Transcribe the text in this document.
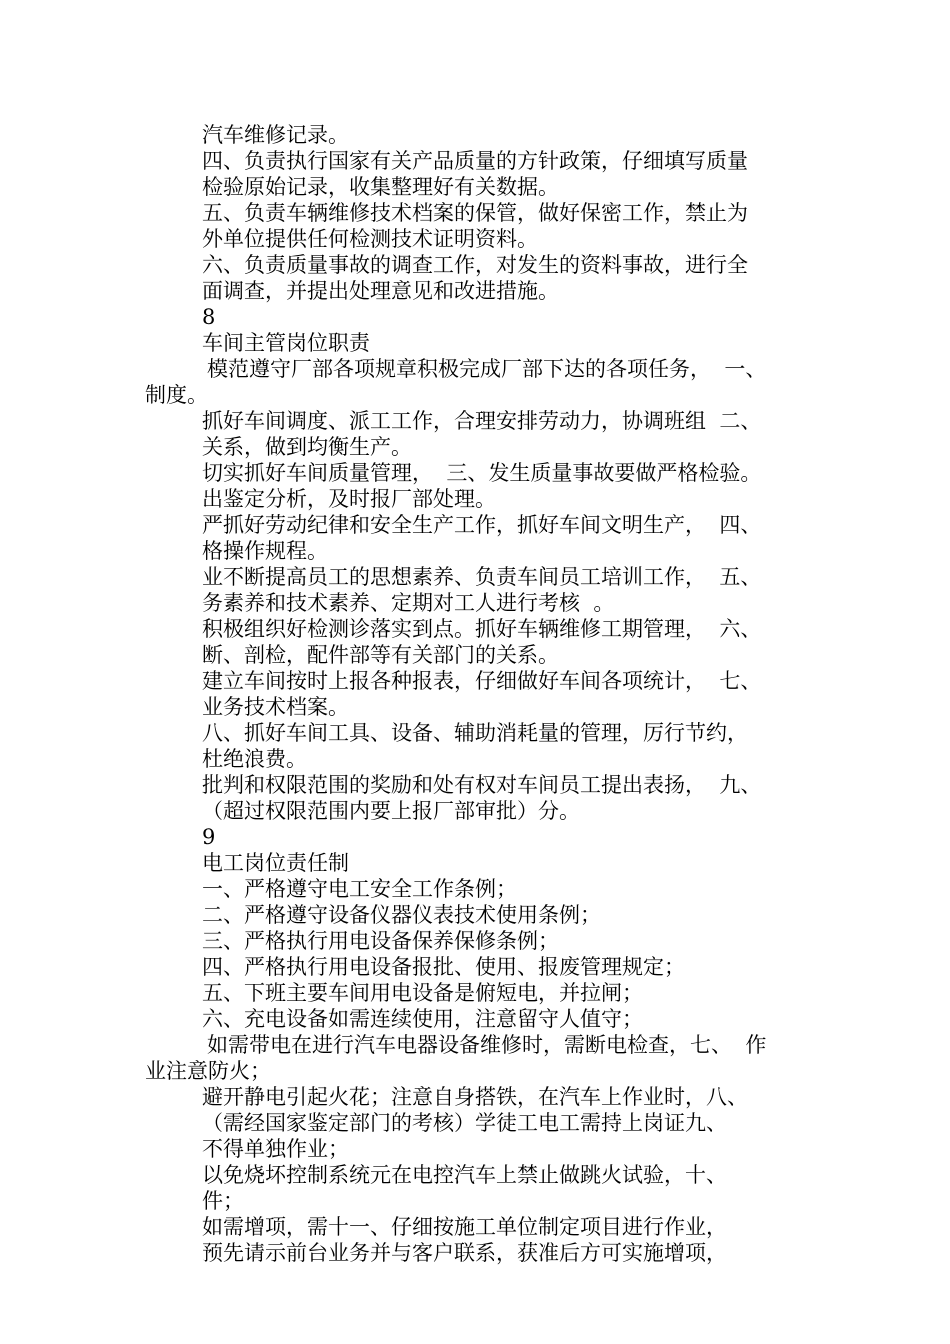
汽车维修记录。
四、负责执行国家有关产品质量的方针政策，仔细填写质量
检验原始记录，收集整理好有关数据。
五、负责车辆维修技术档案的保管，做好保密工作，禁止为
外单位提供任何检测技术证明资料。
六、负责质量事故的调查工作，对发生的资料事故，进行全
面调查，并提出处理意见和改进措施。
8
车间主管岗位职责
模范遵守厂部各项规章积极完成厂部下达的各项任务，  一、
制度。
抓好车间调度、派工工作，合理安排劳动力，协调班组  二、
关系，做到均衡生产。
切实抓好车间质量管理，  三、发生质量事故要做严格检验。
出鉴定分析，及时报厂部处理。
严抓好劳动纪律和安全生产工作，抓好车间文明生产，  四、
格操作规程。
业不断提高员工的思想素养、负责车间员工培训工作，  五、
务素养和技术素养、定期对工人进行考核  。
积极组织好检测诊落实到点。抓好车辆维修工期管理，  六、
断、剖检，配件部等有关部门的关系。
建立车间按时上报各种报表，仔细做好车间各项统计，  七、
业务技术档案。
八、抓好车间工具、设备、辅助消耗量的管理，厉行节约，
杜绝浪费。
批判和权限范围的奖励和处有权对车间员工提出表扬，  九、
（超过权限范围内要上报厂部审批）分。
9
电工岗位责任制
一、严格遵守电工安全工作条例；
二、严格遵守设备仪器仪表技术使用条例；
三、严格执行用电设备保养保修条例；
四、严格执行用电设备报批、使用、报废管理规定；
五、下班主要车间用电设备是俯短电，并拉闸；
六、充电设备如需连续使用，注意留守人值守；
如需带电在进行汽车电器设备维修时，需断电检查，七、  作
业注意防火；
避开静电引起火花；注意自身搭铁，在汽车上作业时，八、
（需经国家鉴定部门的考核）学徒工电工需持上岗证九、
不得单独作业；
以免烧坏控制系统元在电控汽车上禁止做跳火试验，十、
件；
如需增项，需十一、仔细按施工单位制定项目进行作业，
预先请示前台业务并与客户联系，获准后方可实施增项，
